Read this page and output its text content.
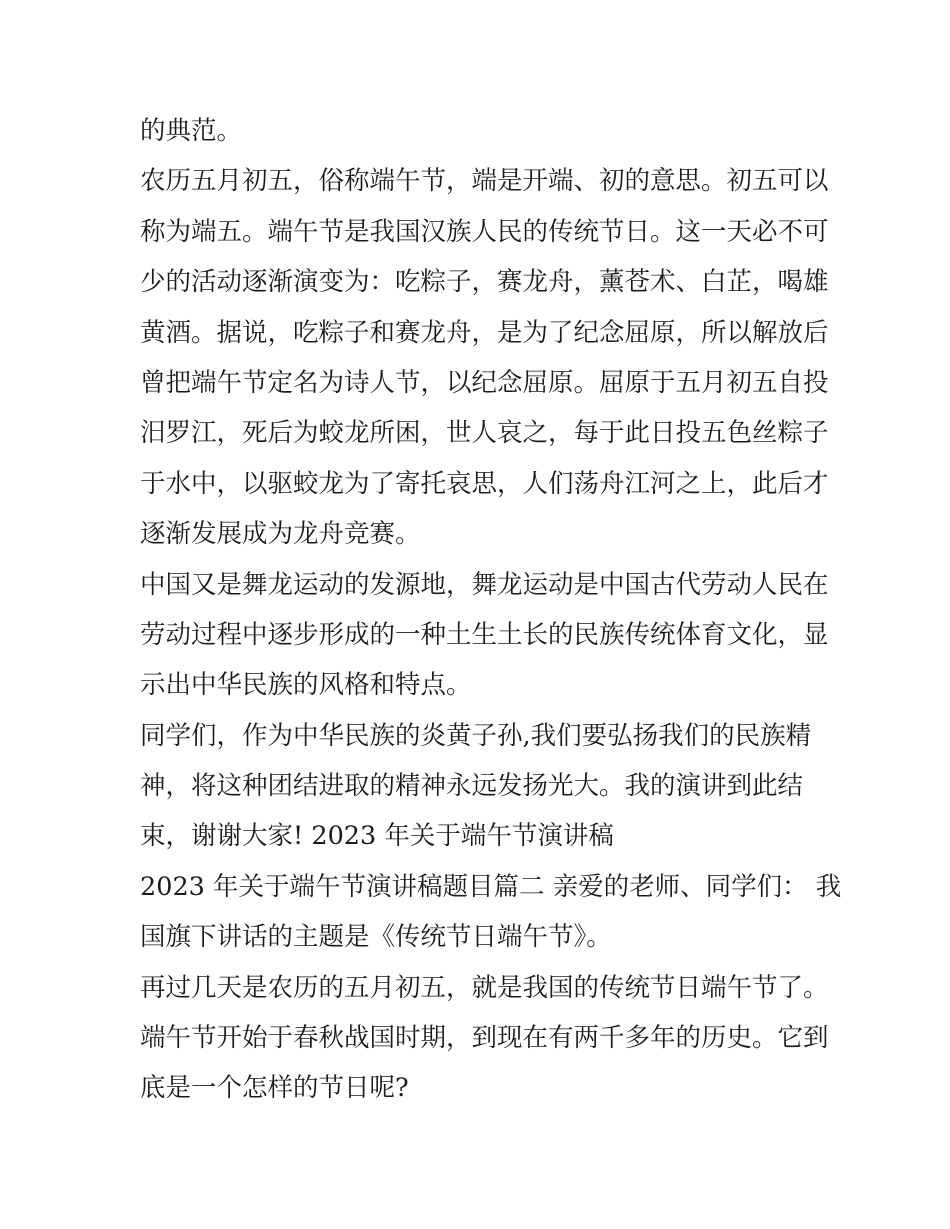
的典范。
农历五月初五，俗称端午节，端是开端、初的意思。初五可以
称为端五。端午节是我国汉族人民的传统节日。这一天必不可
少的活动逐渐演变为：吃粽子，赛龙舟，薰苍术、白芷，喝雄
黄酒。据说，吃粽子和赛龙舟，是为了纪念屈原，所以解放后
曾把端午节定名为诗人节，以纪念屈原。屈原于五月初五自投
汨罗江，死后为蛟龙所困，世人哀之，每于此日投五色丝粽子
于水中，以驱蛟龙为了寄托哀思，人们荡舟江河之上，此后才
逐渐发展成为龙舟竞赛。
中国又是舞龙运动的发源地，舞龙运动是中国古代劳动人民在
劳动过程中逐步形成的一种土生土长的民族传统体育文化，显
示出中华民族的风格和特点。
同学们，作为中华民族的炎黄子孙,我们要弘扬我们的民族精
神，将这种团结进取的精神永远发扬光大。我的演讲到此结
束，谢谢大家! 2023 年关于端午节演讲稿
2023 年关于端午节演讲稿题目篇二 亲爱的老师、同学们： 我
国旗下讲话的主题是《传统节日端午节》。
再过几天是农历的五月初五，就是我国的传统节日端午节了。
端午节开始于春秋战国时期，到现在有两千多年的历史。它到
底是一个怎样的节日呢?
